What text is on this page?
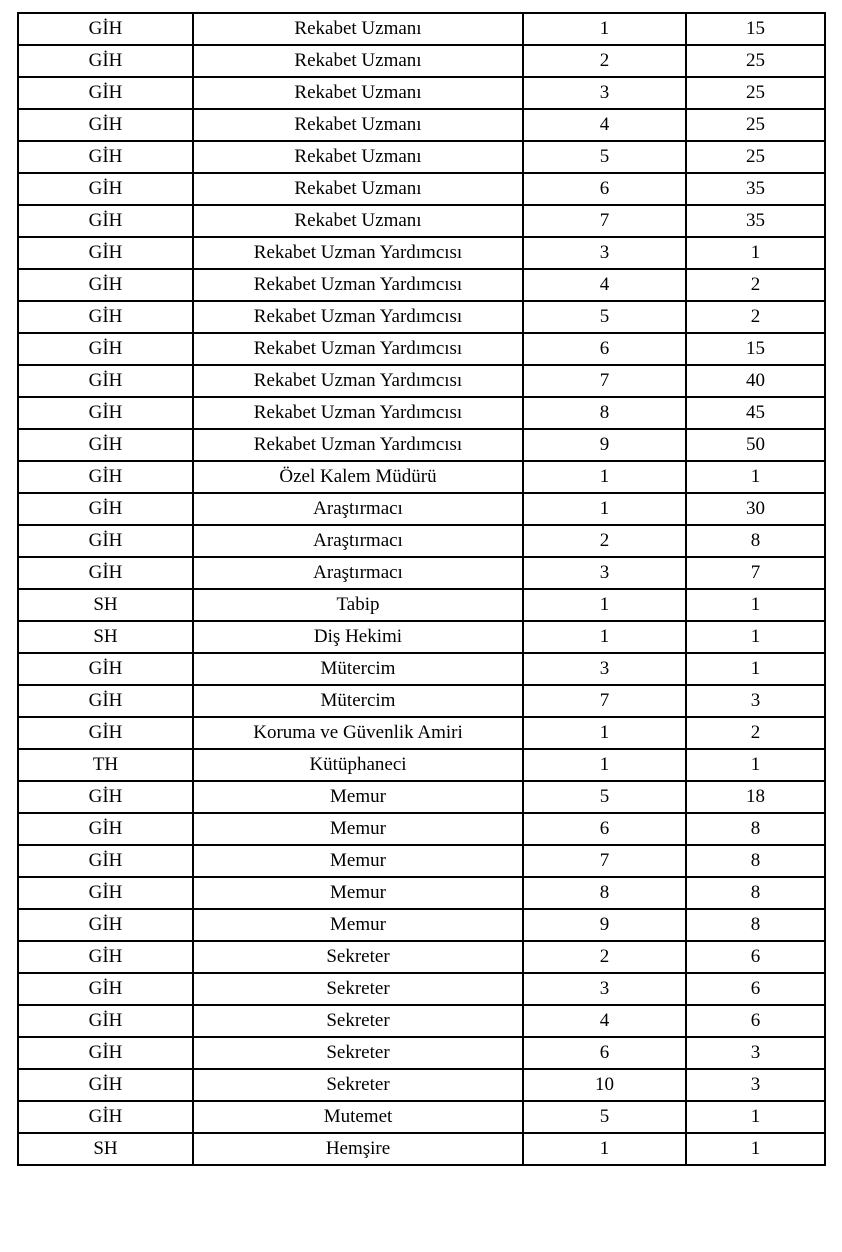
GİH	Rekabet Uzmanı	1	15
GİH	Rekabet Uzmanı	2	25
GİH	Rekabet Uzmanı	3	25
GİH	Rekabet Uzmanı	4	25
GİH	Rekabet Uzmanı	5	25
GİH	Rekabet Uzmanı	6	35
GİH	Rekabet Uzmanı	7	35
GİH	Rekabet Uzman Yardımcısı	3	1
GİH	Rekabet Uzman Yardımcısı	4	2
GİH	Rekabet Uzman Yardımcısı	5	2
GİH	Rekabet Uzman Yardımcısı	6	15
GİH	Rekabet Uzman Yardımcısı	7	40
GİH	Rekabet Uzman Yardımcısı	8	45
GİH	Rekabet Uzman Yardımcısı	9	50
GİH	Özel Kalem Müdürü	1	1
GİH	Araştırmacı	1	30
GİH	Araştırmacı	2	8
GİH	Araştırmacı	3	7
SH	Tabip	1	1
SH	Diş Hekimi	1	1
GİH	Mütercim	3	1
GİH	Mütercim	7	3
GİH	Koruma ve Güvenlik Amiri	1	2
TH	Kütüphaneci	1	1
GİH	Memur	5	18
GİH	Memur	6	8
GİH	Memur	7	8
GİH	Memur	8	8
GİH	Memur	9	8
GİH	Sekreter	2	6
GİH	Sekreter	3	6
GİH	Sekreter	4	6
GİH	Sekreter	6	3
GİH	Sekreter	10	3
GİH	Mutemet	5	1
SH	Hemşire	1	1
